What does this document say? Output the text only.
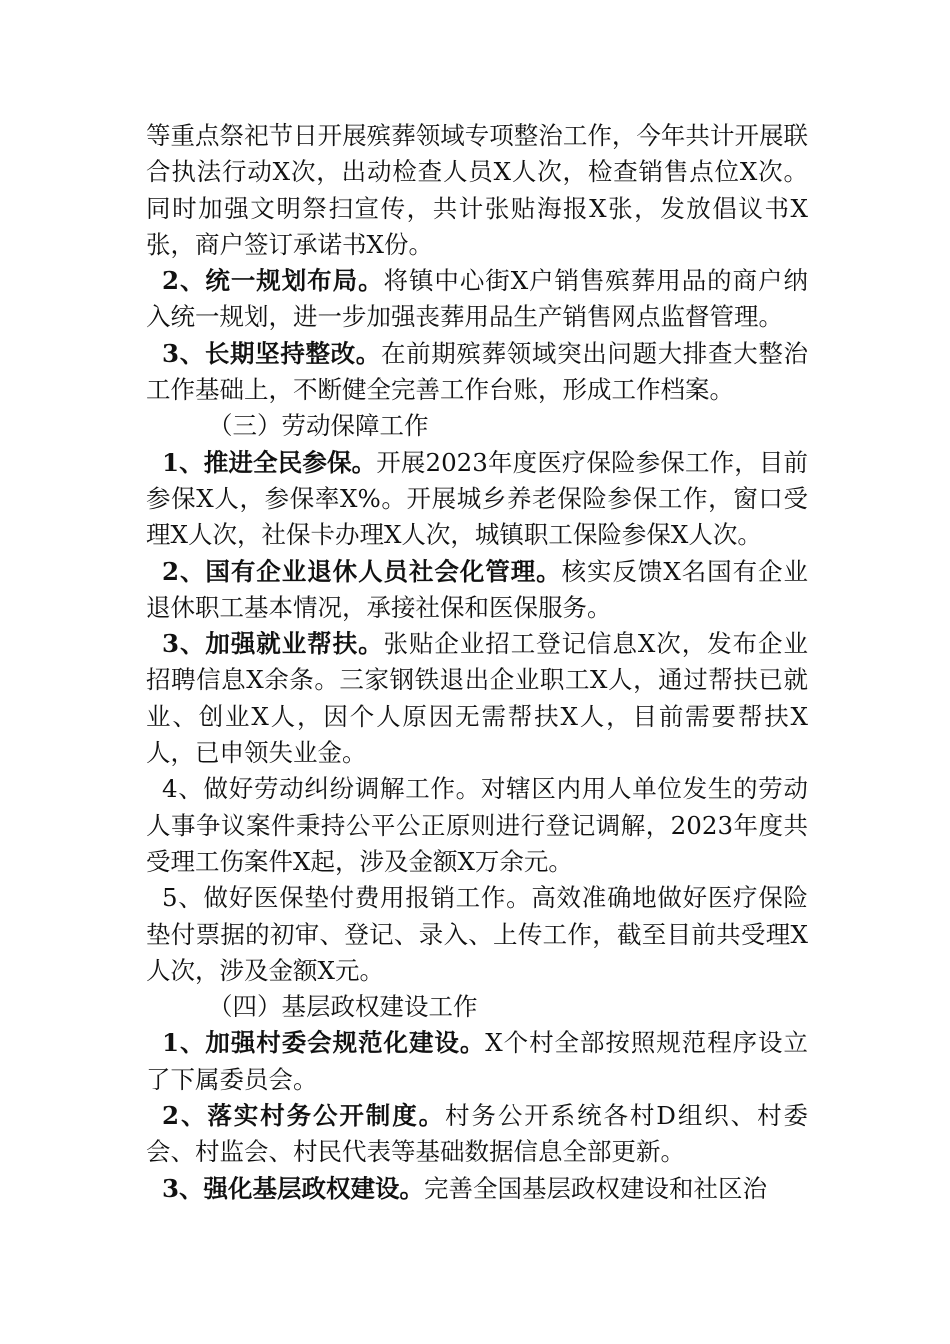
等重点祭祀节日开展殡葬领域专项整治工作，今年共计开展联合执法行动X次，出动检查人员X人次，检查销售点位X次。同时加强文明祭扫宣传，共计张贴海报X张，发放倡议书X张，商户签订承诺书X份。

2、统一规划布局。将镇中心街X户销售殡葬用品的商户纳入统一规划，进一步加强丧葬用品生产销售网点监督管理。

3、长期坚持整改。在前期殡葬领域突出问题大排查大整治工作基础上，不断健全完善工作台账，形成工作档案。

（三）劳动保障工作

1、推进全民参保。开展2023年度医疗保险参保工作，目前参保X人，参保率X%。开展城乡养老保险参保工作，窗口受理X人次，社保卡办理X人次，城镇职工保险参保X人次。

2、国有企业退休人员社会化管理。核实反馈X名国有企业退休职工基本情况，承接社保和医保服务。

3、加强就业帮扶。张贴企业招工登记信息X次，发布企业招聘信息X余条。三家钢铁退出企业职工X人，通过帮扶已就业、创业X人，因个人原因无需帮扶X人，目前需要帮扶X人，已申领失业金。

4、做好劳动纠纷调解工作。对辖区内用人单位发生的劳动人事争议案件秉持公平公正原则进行登记调解，2023年度共受理工伤案件X起，涉及金额X万余元。

5、做好医保垫付费用报销工作。高效准确地做好医疗保险垫付票据的初审、登记、录入、上传工作，截至目前共受理X人次，涉及金额X元。

（四）基层政权建设工作

1、加强村委会规范化建设。X个村全部按照规范程序设立了下属委员会。

2、落实村务公开制度。村务公开系统各村D组织、村委会、村监会、村民代表等基础数据信息全部更新。

3、强化基层政权建设。完善全国基层政权建设和社区治
